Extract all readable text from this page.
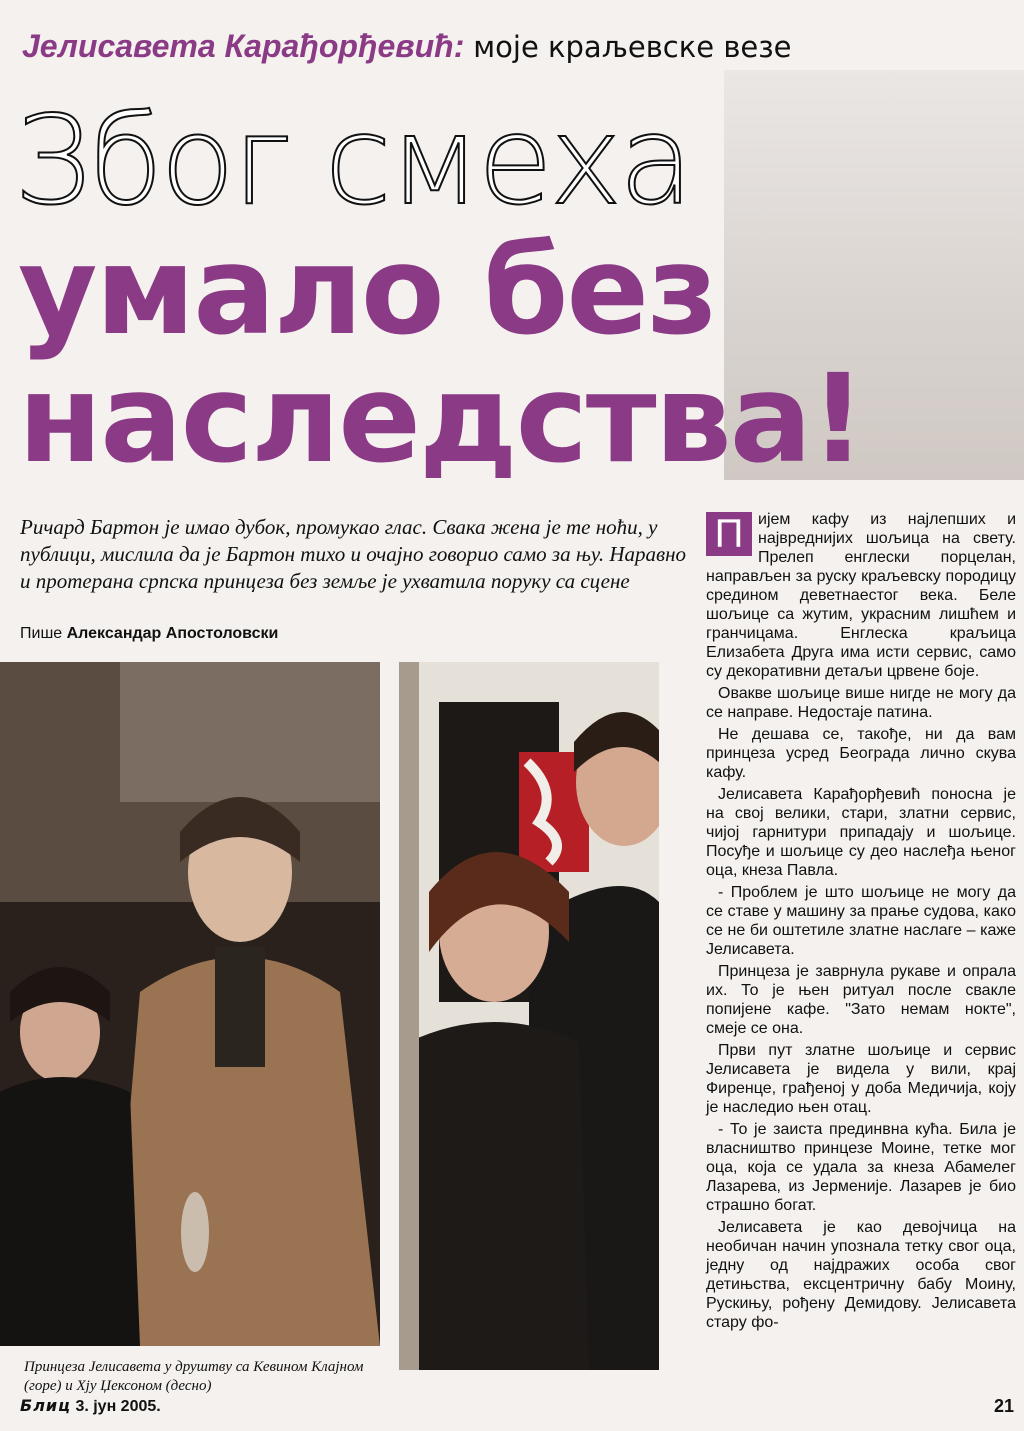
Јелисавета Карађорђевић: моје краљевске везе
Због смеха
умало без
наследства!
Ричард Бартон је имао дубок, промукао глас. Свака жена је те ноћи, у публици, мислила да је Бартон тихо и очајно говорио само за њу. Наравно и протерана српска принцеза без земље је ухватила поруку са сцене
Пише Александар Апостоловски
Принцеза Јелисавета у друштву са Кевином Клајном (горе) и Хју Џексоном (десно)

П ијем кафу из најлепших и највреднијих шољица на свету. Прелеп енглески порцелан, направљен за руску краљевску породицу средином деветнаестог века. Беле шољице са жутим, украсним лишћем и гранчицама. Енглеска краљица Елизабета Друга има исти сервис, само су декоративни детаљи црвене боје.

Овакве шољице више нигде не могу да се направе. Недостаје патина.

Не дешава се, такође, ни да вам принцеза усред Београда лично скува кафу.

Јелисавета Карађорђевић поносна је на свој велики, стари, златни сервис, чијој гарнитури припадају и шољице. Посуђе и шољице су део наслеђа њеног оца, кнеза Павла.

- Проблем је што шољице не могу да се ставе у машину за прање судова, како се не би оштетиле златне наслаге – каже Јелисавета.

Принцеза је заврнула рукаве и опрала их. То је њен ритуал после свакле попијене кафе. "Зато немам нокте", смеје се она.

Први пут златне шољице и сервис Јелисавета је видела у вили, крај Фиренце, грађеној у доба Медичија, коју је наследио њен отац.

- То је заиста прединвна кућа. Била је власништво принцезе Моине, тетке мог оца, која се удала за кнеза Абамелег Лазарева, из Јерменије. Лазарев је био страшно богат.

Јелисавета је као девојчица на необичан начин упознала тетку свог оца, једну од најдражих особа свог детињства, ексцентричну бабу Моину, Рускињу, рођену Демидову. Јелисавета стару фо-

Блиц 3. јун 2005.	21
